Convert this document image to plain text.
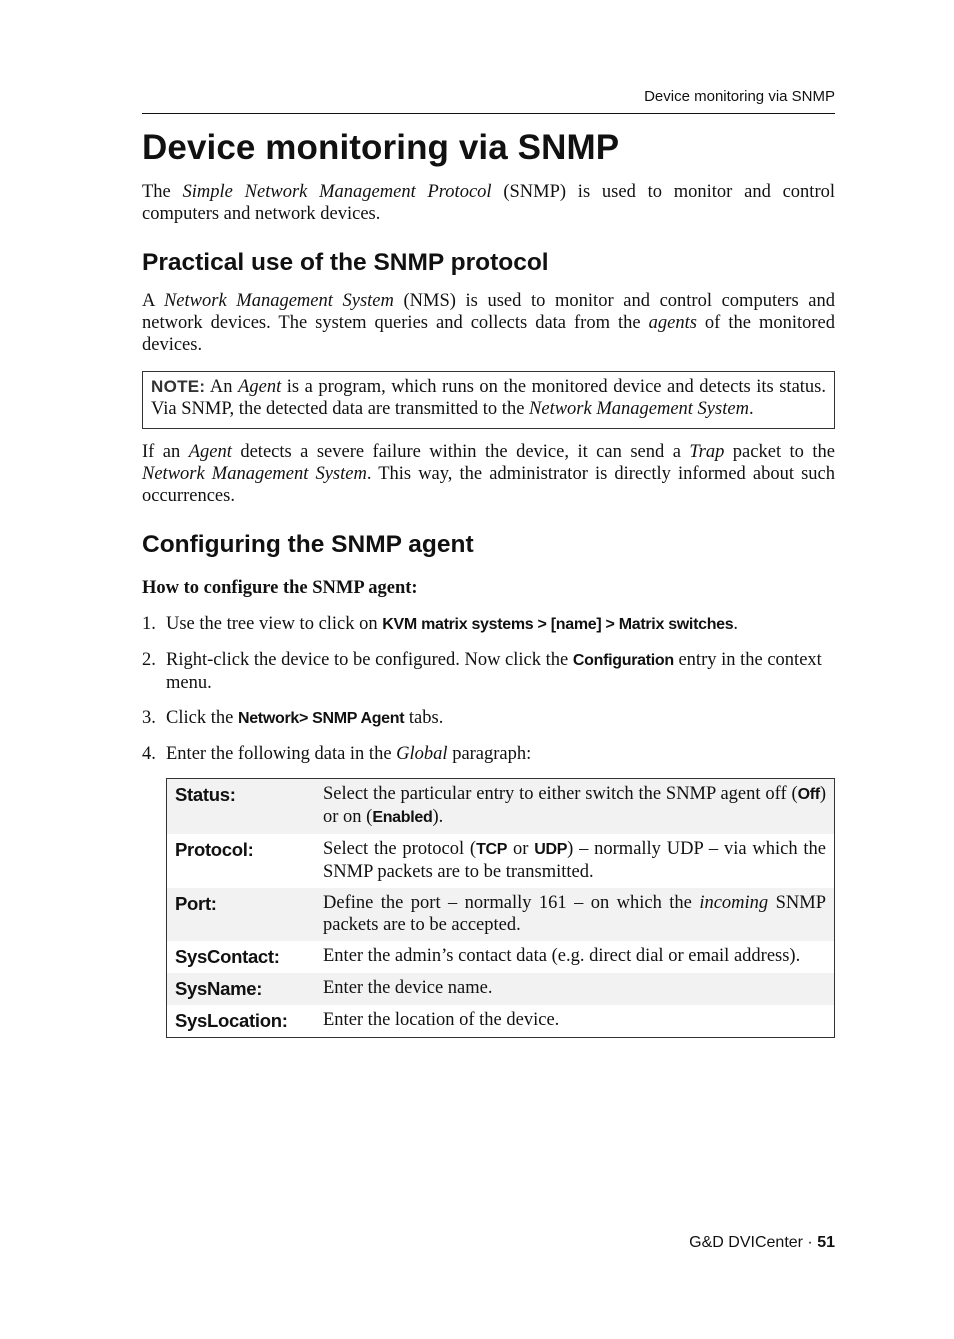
Device monitoring via SNMP
Device monitoring via SNMP

The Simple Network Management Protocol (SNMP) is used to monitor and control computers and network devices.

Practical use of the SNMP protocol

A Network Management System (NMS) is used to monitor and control computers and network devices. The system queries and collects data from the agents of the monitored devices.

NOTE: An Agent is a program, which runs on the monitored device and detects its status. Via SNMP, the detected data are transmitted to the Network Management System.

If an Agent detects a severe failure within the device, it can send a Trap packet to the Network Management System. This way, the administrator is directly informed about such occurrences.

Configuring the SNMP agent
How to configure the SNMP agent:
1. Use the tree view to click on KVM matrix systems > [name] > Matrix switches.
2. Right-click the device to be configured. Now click the Configuration entry in the context menu.
3. Click the Network> SNMP Agent tabs.
4. Enter the following data in the Global paragraph:
Status:	Select the particular entry to either switch the SNMP agent off (Off) or on (Enabled).
Protocol:	Select the protocol (TCP or UDP) – normally UDP – via which the SNMP packets are to be transmitted.
Port:	Define the port – normally 161 – on which the incoming SNMP packets are to be accepted.
SysContact:	Enter the admin’s contact data (e.g. direct dial or email address).
SysName:	Enter the device name.
SysLocation:	Enter the location of the device.
G&D DVICenter · 51
